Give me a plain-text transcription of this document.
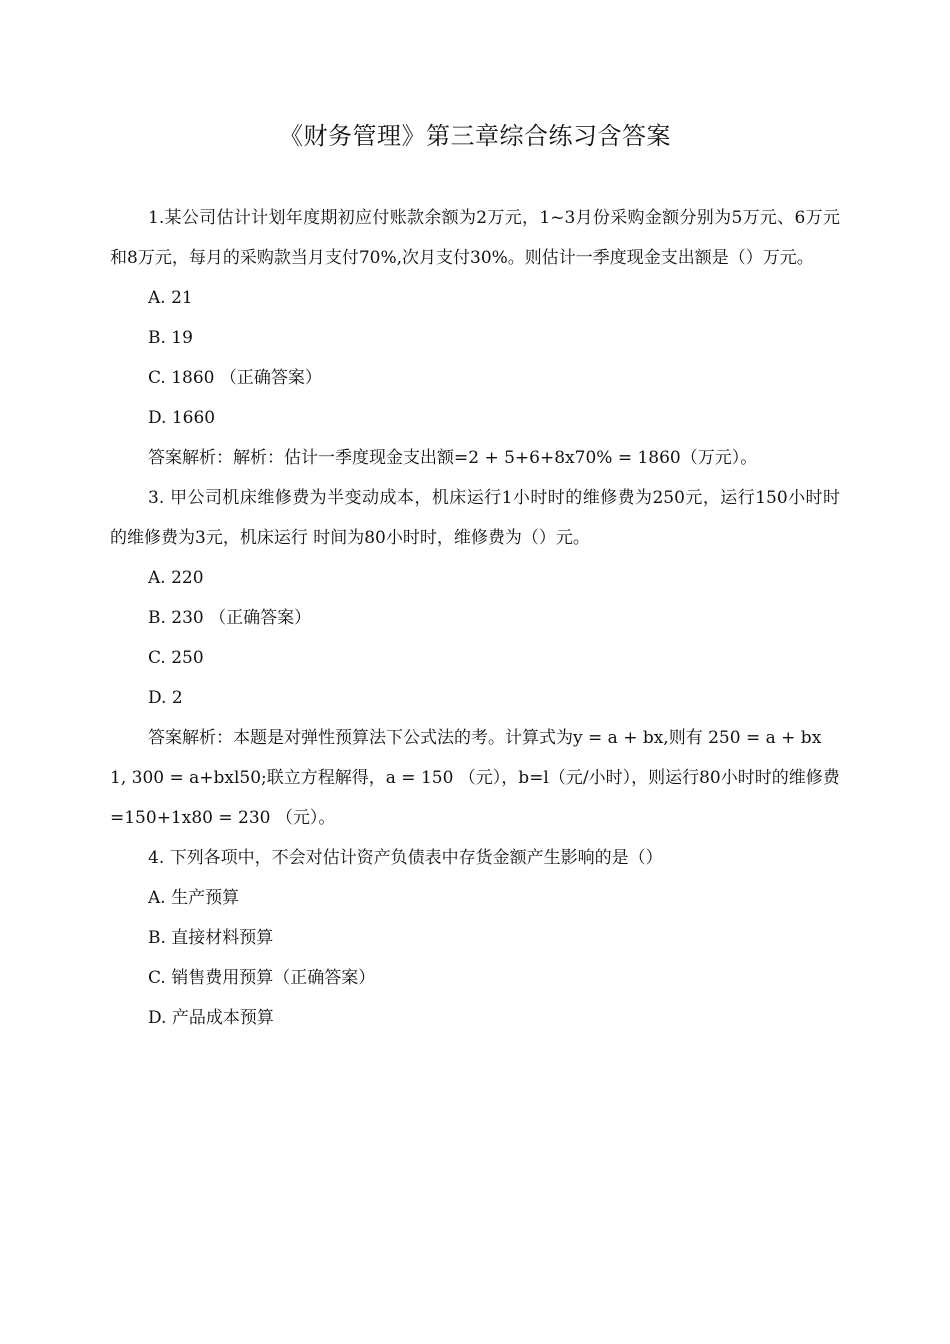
《财务管理》第三章综合练习含答案

1.某公司估计计划年度期初应付账款余额为2万元，1~3月份采购金额分别为5万元、6万元和8万元，每月的采购款当月支付70%,次月支付30%。则估计一季度现金支出额是（）万元。

A. 21

B. 19

C. 1860 （正确答案）

D. 1660

答案解析：解析：估计一季度现金支出额=2 + 5+6+8x70% = 1860（万元）。

3. 甲公司机床维修费为半变动成本，机床运行1小时时的维修费为250元，运行150小时时的维修费为3元，机床运行 时间为80小时时，维修费为（）元。

A. 220

B. 230 （正确答案）

C. 250

D. 2

答案解析：本题是对弹性预算法下公式法的考。计算式为y = a + bx,则有 250 = a + bx 1, 300 = a+bxl50;联立方程解得，a = 150 （元），b=l（元/小时），则运行80小时时的维修费=150+1x80 = 230 （元）。

4. 下列各项中，不会对估计资产负债表中存货金额产生影响的是（）

A. 生产预算

B. 直接材料预算

C. 销售费用预算（正确答案）

D. 产品成本预算
